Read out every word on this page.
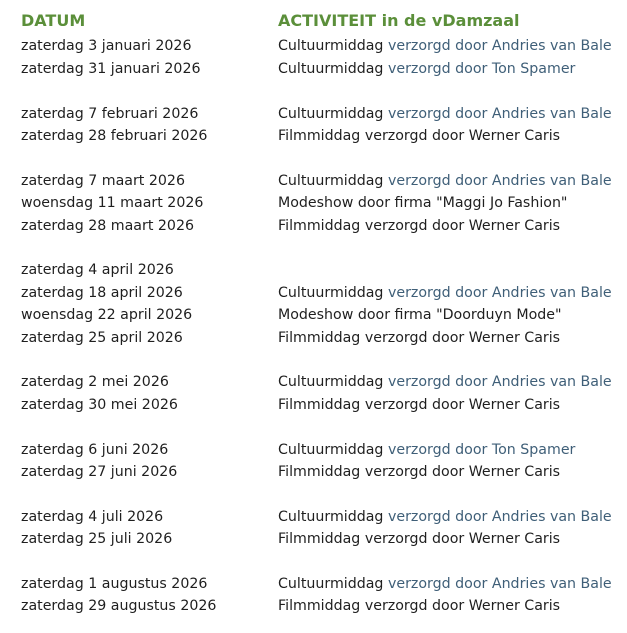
DATUM	ACTIVITEIT in de vDamzaal
zaterdag 3 januari 2026	Cultuurmiddag verzorgd door Andries van Bale
zaterdag 31 januari 2026	Cultuurmiddag verzorgd door Ton Spamer
zaterdag 7 februari 2026	Cultuurmiddag verzorgd door Andries van Bale
zaterdag 28 februari 2026	Filmmiddag verzorgd door Werner Caris
zaterdag 7 maart 2026	Cultuurmiddag verzorgd door Andries van Bale
woensdag 11 maart 2026	Modeshow door firma "Maggi Jo Fashion"
zaterdag 28 maart 2026	Filmmiddag verzorgd door Werner Caris
zaterdag 4 april 2026
zaterdag 18 april 2026	Cultuurmiddag verzorgd door Andries van Bale
woensdag 22 april 2026	Modeshow door firma "Doorduyn Mode"
zaterdag 25 april 2026	Filmmiddag verzorgd door Werner Caris
zaterdag 2 mei 2026	Cultuurmiddag verzorgd door Andries van Bale
zaterdag 30 mei 2026	Filmmiddag verzorgd door Werner Caris
zaterdag 6 juni 2026	Cultuurmiddag verzorgd door Ton Spamer
zaterdag 27 juni 2026	Filmmiddag verzorgd door Werner Caris
zaterdag 4 juli 2026	Cultuurmiddag verzorgd door Andries van Bale
zaterdag 25 juli 2026	Filmmiddag verzorgd door Werner Caris
zaterdag 1 augustus 2026	Cultuurmiddag verzorgd door Andries van Bale
zaterdag 29 augustus 2026	Filmmiddag verzorgd door Werner Caris
